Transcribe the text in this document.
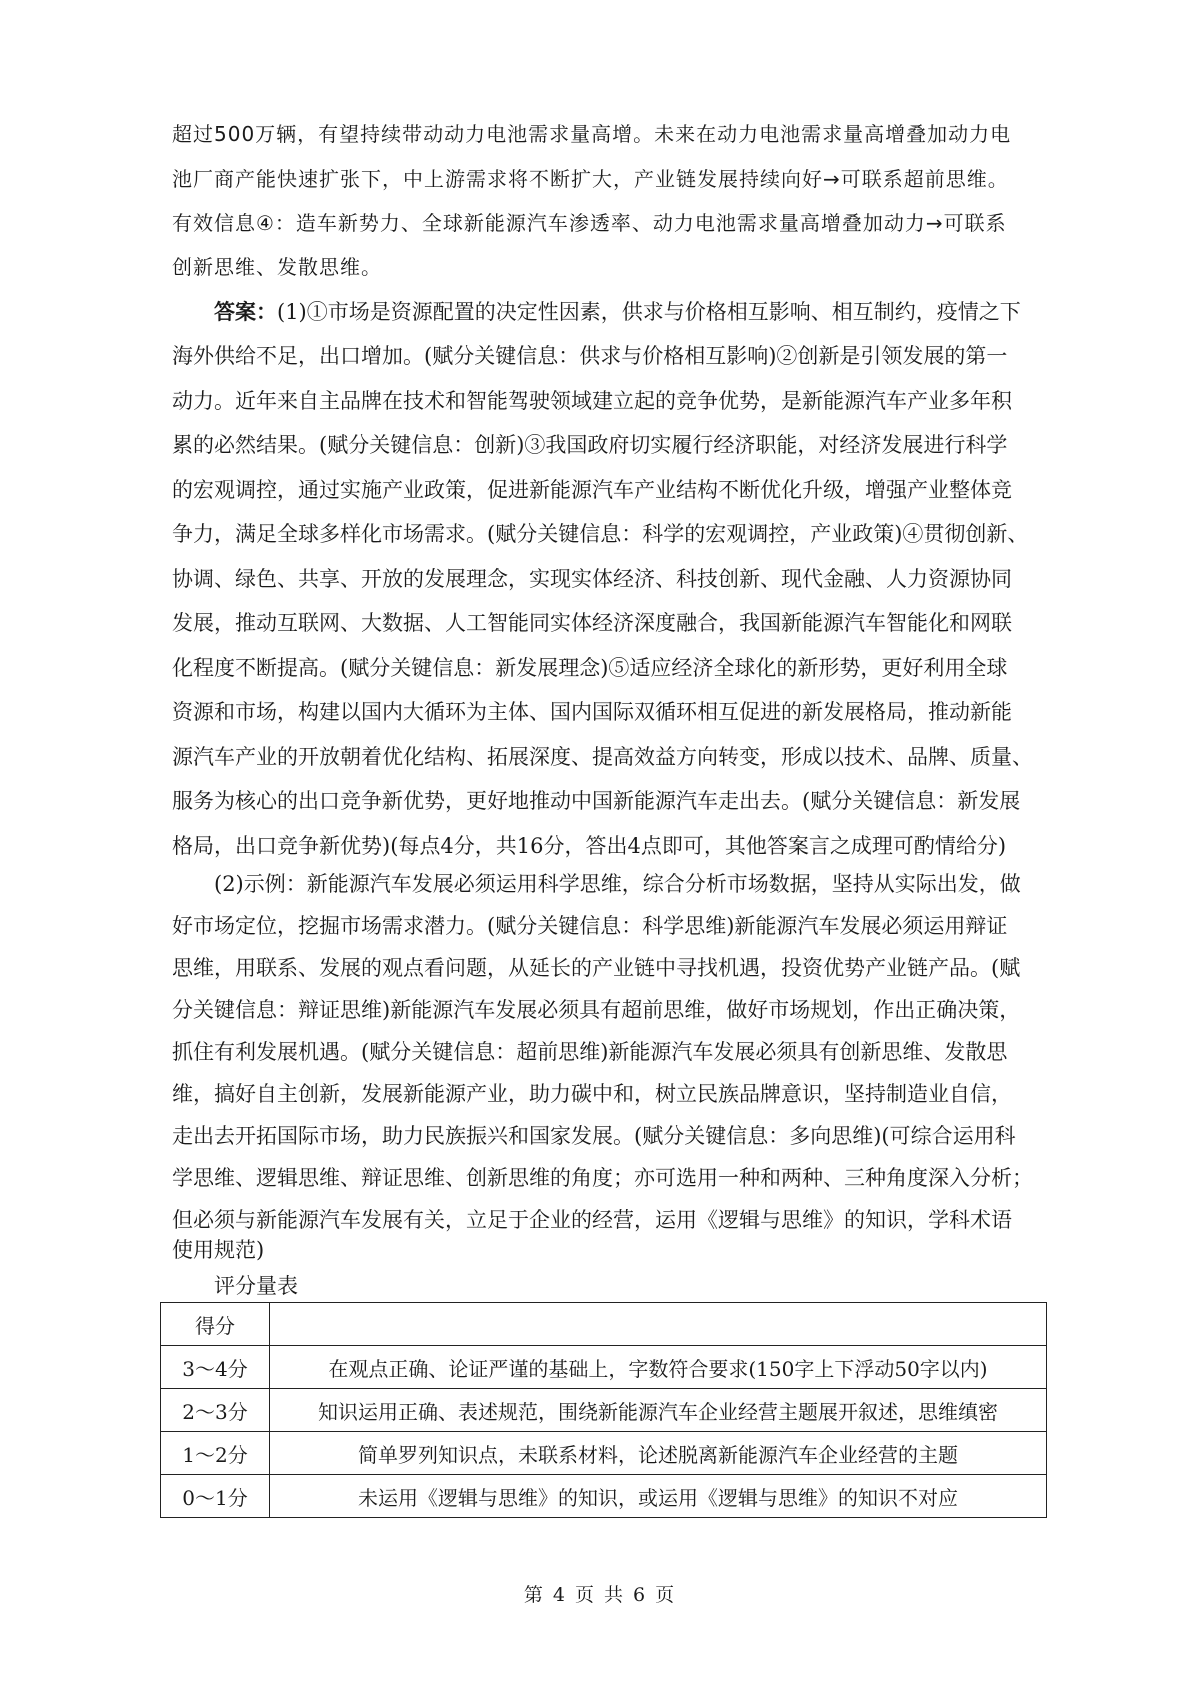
超过500万辆，有望持续带动动力电池需求量高增。未来在动力电池需求量高增叠加动力电
池厂商产能快速扩张下，中上游需求将不断扩大，产业链发展持续向好→可联系超前思维。
有效信息④：造车新势力、全球新能源汽车渗透率、动力电池需求量高增叠加动力→可联系
创新思维、发散思维。
答案：(1)①市场是资源配置的决定性因素，供求与价格相互影响、相互制约，疫情之下
海外供给不足，出口增加。(赋分关键信息：供求与价格相互影响)②创新是引领发展的第一
动力。近年来自主品牌在技术和智能驾驶领域建立起的竞争优势，是新能源汽车产业多年积
累的必然结果。(赋分关键信息：创新)③我国政府切实履行经济职能，对经济发展进行科学
的宏观调控，通过实施产业政策，促进新能源汽车产业结构不断优化升级，增强产业整体竞
争力，满足全球多样化市场需求。(赋分关键信息：科学的宏观调控，产业政策)④贯彻创新、
协调、绿色、共享、开放的发展理念，实现实体经济、科技创新、现代金融、人力资源协同
发展，推动互联网、大数据、人工智能同实体经济深度融合，我国新能源汽车智能化和网联
化程度不断提高。(赋分关键信息：新发展理念)⑤适应经济全球化的新形势，更好利用全球
资源和市场，构建以国内大循环为主体、国内国际双循环相互促进的新发展格局，推动新能
源汽车产业的开放朝着优化结构、拓展深度、提高效益方向转变，形成以技术、品牌、质量、
服务为核心的出口竞争新优势，更好地推动中国新能源汽车走出去。(赋分关键信息：新发展
格局，出口竞争新优势)(每点4分，共16分，答出4点即可，其他答案言之成理可酌情给分)
(2)示例：新能源汽车发展必须运用科学思维，综合分析市场数据，坚持从实际出发，做
好市场定位，挖掘市场需求潜力。(赋分关键信息：科学思维)新能源汽车发展必须运用辩证
思维，用联系、发展的观点看问题，从延长的产业链中寻找机遇，投资优势产业链产品。(赋
分关键信息：辩证思维)新能源汽车发展必须具有超前思维，做好市场规划，作出正确决策，
抓住有利发展机遇。(赋分关键信息：超前思维)新能源汽车发展必须具有创新思维、发散思
维，搞好自主创新，发展新能源产业，助力碳中和，树立民族品牌意识，坚持制造业自信，
走出去开拓国际市场，助力民族振兴和国家发展。(赋分关键信息：多向思维)(可综合运用科
学思维、逻辑思维、辩证思维、创新思维的角度；亦可选用一种和两种、三种角度深入分析；
但必须与新能源汽车发展有关，立足于企业的经营，运用《逻辑与思维》的知识，学科术语
评分量表
得分	
3～4分	在观点正确、论证严谨的基础上，字数符合要求(150字上下浮动50字以内)
2～3分	知识运用正确、表述规范，围绕新能源汽车企业经营主题展开叙述，思维缜密
1～2分	简单罗列知识点，未联系材料，论述脱离新能源汽车企业经营的主题
0～1分	未运用《逻辑与思维》的知识，或运用《逻辑与思维》的知识不对应
第 4 页 共 6 页
使用规范)
